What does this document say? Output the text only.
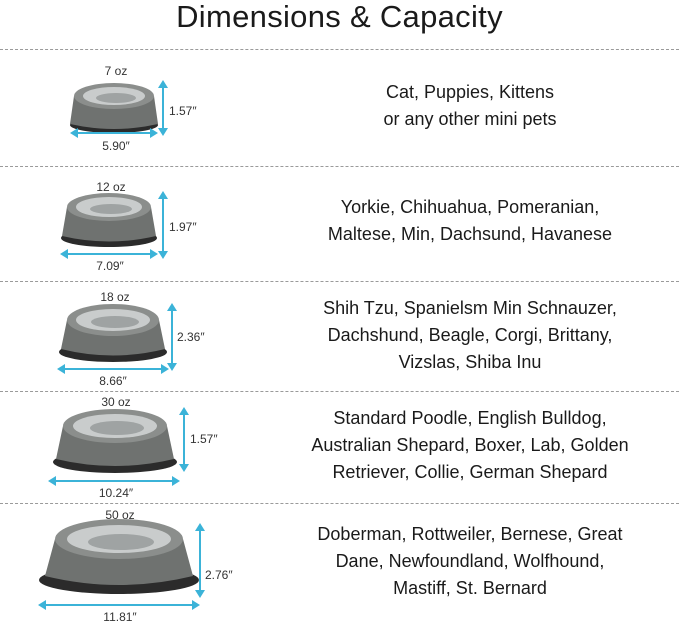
Dimensions & Capacity
7 oz
1.57″
5.90″
Cat, Puppies, Kittens
or any other mini pets
12 oz
1.97″
7.09″
Yorkie, Chihuahua, Pomeranian,
Maltese, Min, Dachsund, Havanese
18 oz
2.36″
8.66″
Shih Tzu, Spanielsm Min Schnauzer,
Dachshund, Beagle, Corgi, Brittany,
Vizslas, Shiba Inu
30 oz
1.57″
10.24″
Standard Poodle, English Bulldog,
Australian Shepard, Boxer, Lab, Golden
Retriever, Collie, German Shepard
50 oz
2.76″
11.81″
Doberman, Rottweiler, Bernese, Great
Dane, Newfoundland, Wolfhound,
Mastiff, St. Bernard
